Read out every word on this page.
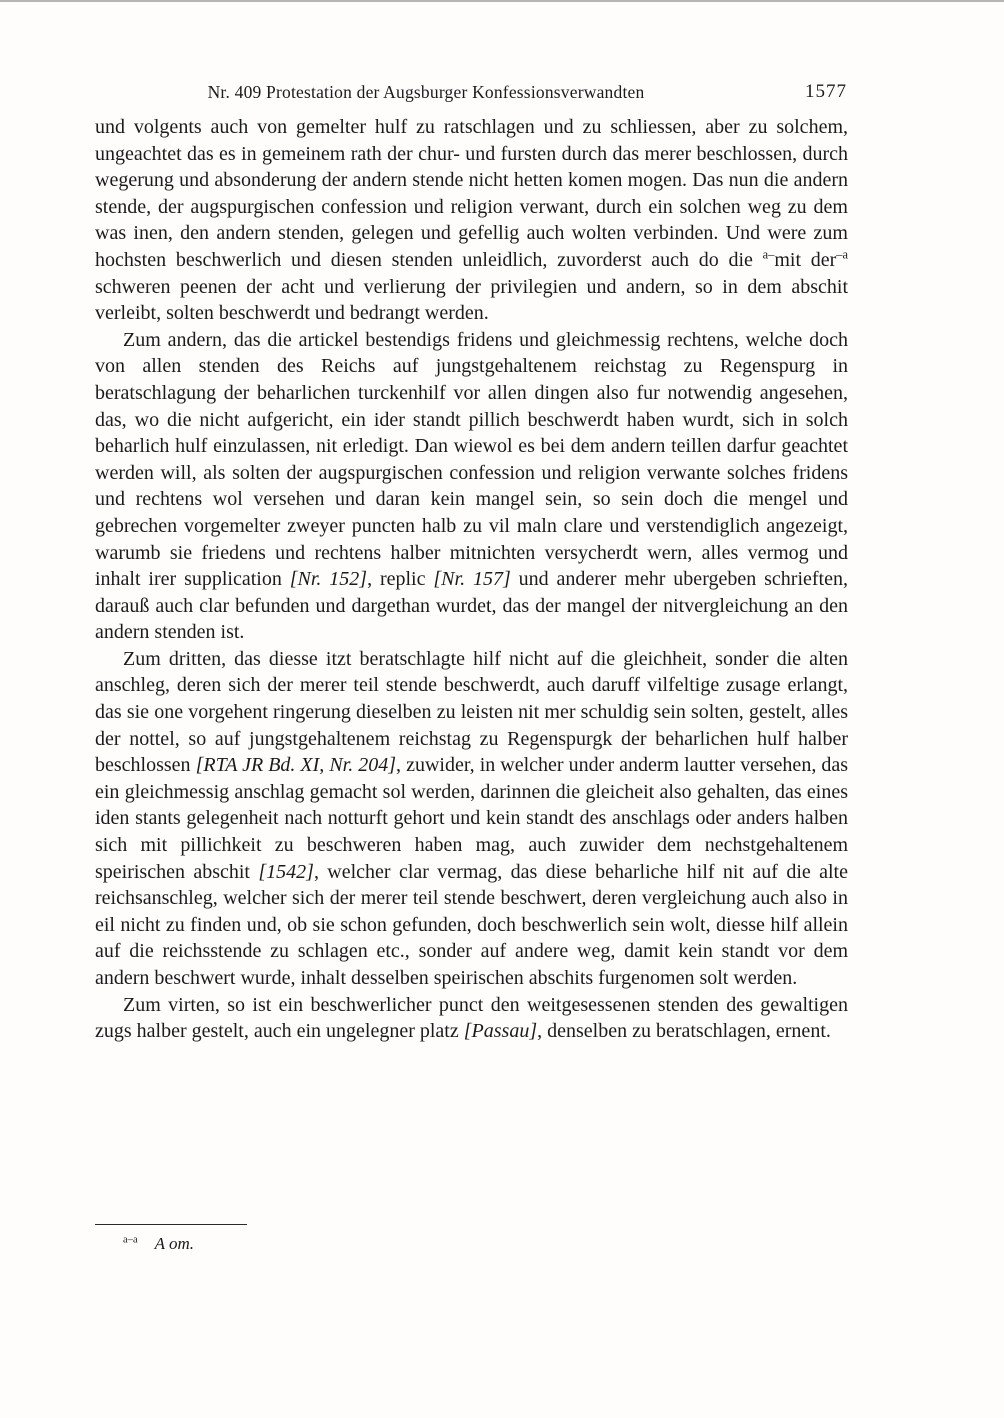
Nr. 409 Protestation der Augsburger Konfessionsverwandten	1577

und volgents auch von gemelter hulf zu ratschlagen und zu schliessen, aber zu solchem, ungeachtet das es in gemeinem rath der chur- und fursten durch das merer beschlossen, durch wegerung und absonderung der andern stende nicht hetten komen mogen. Das nun die andern stende, der augspurgischen confession und religion verwant, durch ein solchen weg zu dem was inen, den andern stenden, gelegen und gefellig auch wolten verbinden. Und were zum hochsten beschwerlich und diesen stenden unleidlich, zuvorderst auch do die $^{a-}$mit der$^{-a}$ schweren peenen der acht und verlierung der privilegien und andern, so in dem abschit verleibt, solten beschwerdt und bedrangt werden.

Zum andern, das die artickel bestendigs fridens und gleichmessig rechtens, welche doch von allen stenden des Reichs auf jungstgehaltenem reichstag zu Regenspurg in beratschlagung der beharlichen turckenhilf vor allen dingen also fur notwendig angesehen, das, wo die nicht aufgericht, ein ider standt pillich beschwerdt haben wurdt, sich in solch beharlich hulf einzulassen, nit erledigt. Dan wiewol es bei dem andern teillen darfur geachtet werden will, als solten der augspurgischen confession und religion verwante solches fridens und rechtens wol versehen und daran kein mangel sein, so sein doch die mengel und gebrechen vorgemelter zweyer puncten halb zu vil maln clare und verstendiglich angezeigt, warumb sie friedens und rechtens halber mitnichten versycherdt wern, alles vermog und inhalt irer supplication [Nr. 152], replic [Nr. 157] und anderer mehr ubergeben schrieften, darauß auch clar befunden und dargethan wurdet, das der mangel der nitvergleichung an den andern stenden ist.

Zum dritten, das diesse itzt beratschlagte hilf nicht auf die gleichheit, sonder die alten anschleg, deren sich der merer teil stende beschwerdt, auch daruff vilfeltige zusage erlangt, das sie one vorgehent ringerung dieselben zu leisten nit mer schuldig sein solten, gestelt, alles der nottel, so auf jungstgehaltenem reichstag zu Regenspurgk der beharlichen hulf halber beschlossen [RTA JR Bd. XI, Nr. 204], zuwider, in welcher under anderm lautter versehen, das ein gleichmessig anschlag gemacht sol werden, darinnen die gleicheit also gehalten, das eines iden stants gelegenheit nach notturft gehort und kein standt des anschlags oder anders halben sich mit pillichkeit zu beschweren haben mag, auch zuwider dem nechstgehaltenem speirischen abschit [1542], welcher clar vermag, das diese beharliche hilf nit auf die alte reichsanschleg, welcher sich der merer teil stende beschwert, deren vergleichung auch also in eil nicht zu finden und, ob sie schon gefunden, doch beschwerlich sein wolt, diesse hilf allein auf die reichsstende zu schlagen etc., sonder auf andere weg, damit kein standt vor dem andern beschwert wurde, inhalt desselben speirischen abschits furgenomen solt werden.

Zum virten, so ist ein beschwerlicher punct den weitgesessenen stenden des gewaltigen zugs halber gestelt, auch ein ungelegner platz [Passau], denselben zu beratschlagen, ernent.

$^{a-a}$  A om.
